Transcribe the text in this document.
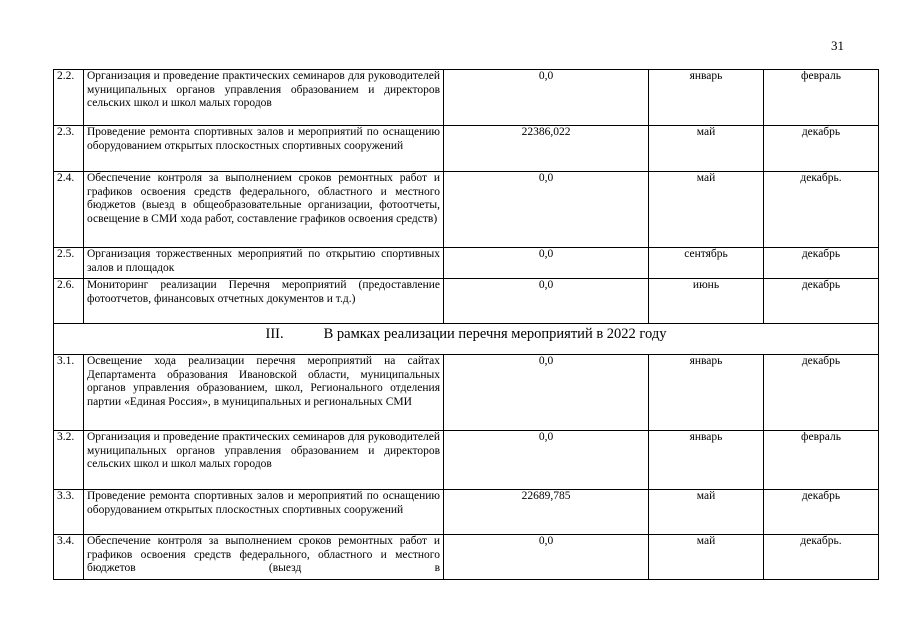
31
2.2.	Организация и проведение практических семинаров для руководителей муниципальных органов управления образованием и директоров сельских школ и школ малых городов	0,0	январь	февраль
2.3.	Проведение ремонта спортивных залов и мероприятий по оснащению оборудованием открытых плоскостных спортивных сооружений	22386,022	май	декабрь
2.4.	Обеспечение контроля за выполнением сроков ремонтных работ и графиков освоения средств федерального, областного и местного бюджетов (выезд в общеобразовательные организации, фотоотчеты, освещение в СМИ хода работ, составление графиков освоения средств)	0,0	май	декабрь.
2.5.	Организация торжественных мероприятий по открытию спортивных залов и площадок	0,0	сентябрь	декабрь
2.6.	Мониторинг реализации Перечня мероприятий (предоставление фотоотчетов, финансовых отчетных документов и т.д.)	0,0	июнь	декабрь
III. В рамках реализации перечня мероприятий в 2022 году				
3.1.	Освещение хода реализации перечня мероприятий на сайтах Департамента образования Ивановской области, муниципальных органов управления образованием, школ, Регионального отделения партии «Единая Россия», в муниципальных и региональных СМИ	0,0	январь	декабрь
3.2.	Организация и проведение практических семинаров для руководителей муниципальных органов управления образованием и директоров сельских школ и школ малых городов	0,0	январь	февраль
3.3.	Проведение ремонта спортивных залов и мероприятий по оснащению оборудованием открытых плоскостных спортивных сооружений	22689,785	май	декабрь
3.4.	Обеспечение контроля за выполнением сроков ремонтных работ и графиков освоения средств федерального, областного и местного бюджетов (выезд в	0,0	май	декабрь.
